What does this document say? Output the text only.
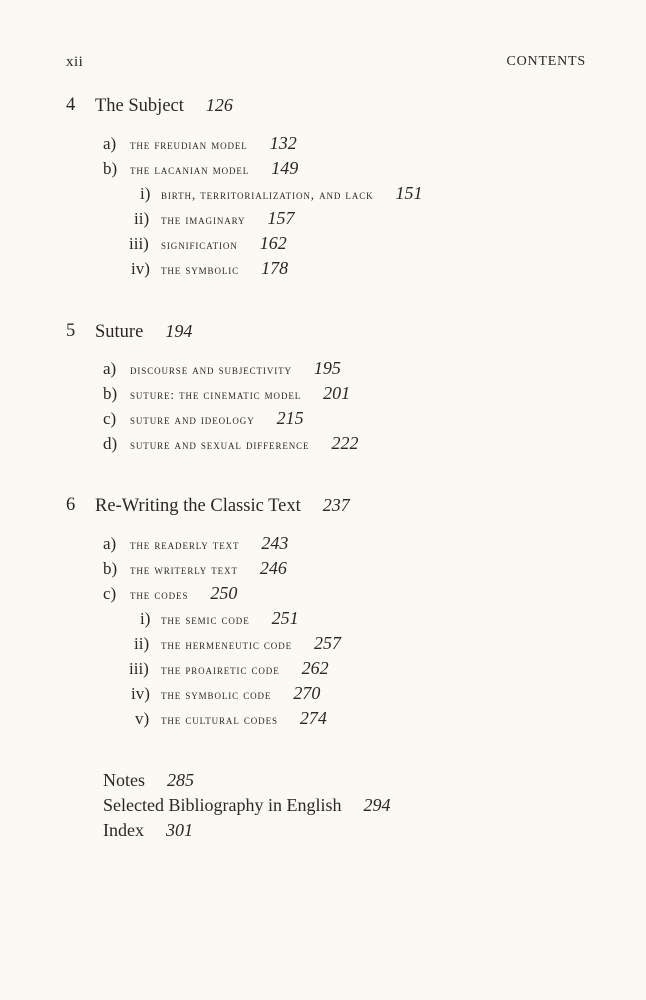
xii	CONTENTS
4 The Subject 126
a) the freudian model 132
b) the lacanian model 149
i) birth, territorialization, and lack 151
ii) the imaginary 157
iii) signification 162
iv) the symbolic 178
5 Suture 194
a) discourse and subjectivity 195
b) suture: the cinematic model 201
c) suture and ideology 215
d) suture and sexual difference 222
6 Re-Writing the Classic Text 237
a) the readerly text 243
b) the writerly text 246
c) the codes 250
i) the semic code 251
ii) the hermeneutic code 257
iii) the proairetic code 262
iv) the symbolic code 270
v) the cultural codes 274
Notes 285
Selected Bibliography in English 294
Index 301
